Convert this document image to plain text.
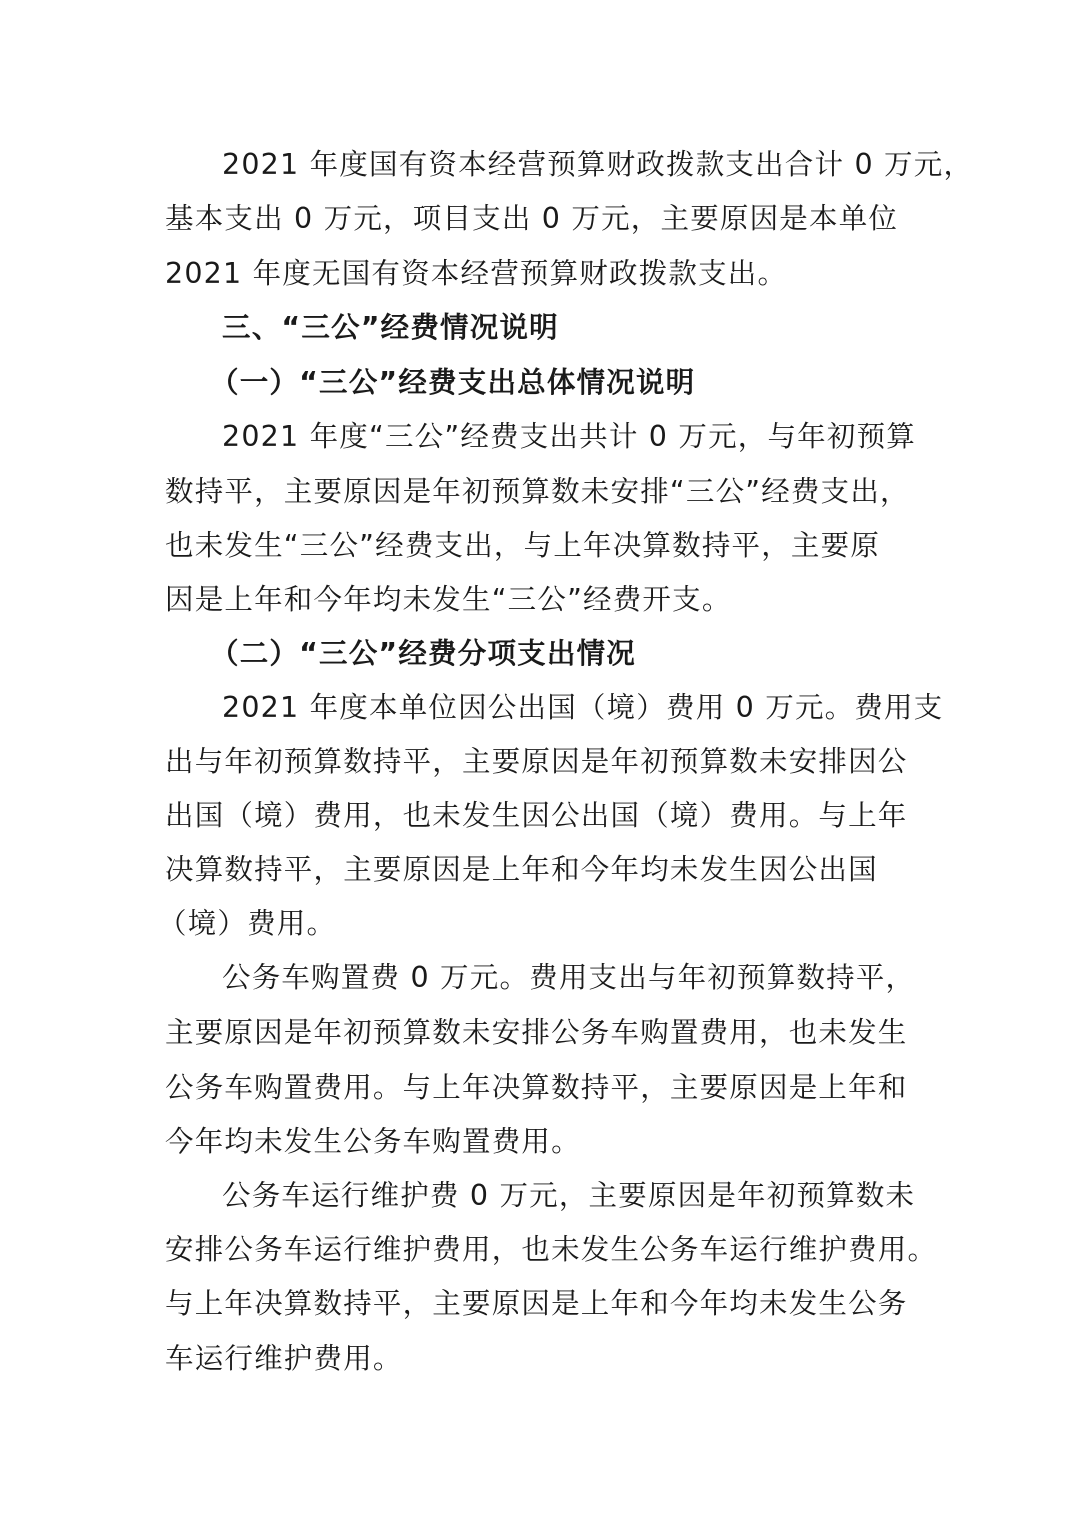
2021 年度国有资本经营预算财政拨款支出合计 0 万元，
基本支出 0 万元，项目支出 0 万元，主要原因是本单位
2021 年度无国有资本经营预算财政拨款支出。
三、“三公”经费情况说明
（一）“三公”经费支出总体情况说明
2021 年度“三公”经费支出共计 0 万元，与年初预算
数持平，主要原因是年初预算数未安排“三公”经费支出，
也未发生“三公”经费支出，与上年决算数持平，主要原
因是上年和今年均未发生“三公”经费开支。
（二）“三公”经费分项支出情况
2021 年度本单位因公出国（境）费用 0 万元。费用支
出与年初预算数持平，主要原因是年初预算数未安排因公
出国（境）费用，也未发生因公出国（境）费用。与上年
决算数持平，主要原因是上年和今年均未发生因公出国
（境）费用。
公务车购置费 0 万元。费用支出与年初预算数持平，
主要原因是年初预算数未安排公务车购置费用，也未发生
公务车购置费用。与上年决算数持平，主要原因是上年和
今年均未发生公务车购置费用。
公务车运行维护费 0 万元，主要原因是年初预算数未
安排公务车运行维护费用，也未发生公务车运行维护费用。
与上年决算数持平，主要原因是上年和今年均未发生公务
车运行维护费用。
